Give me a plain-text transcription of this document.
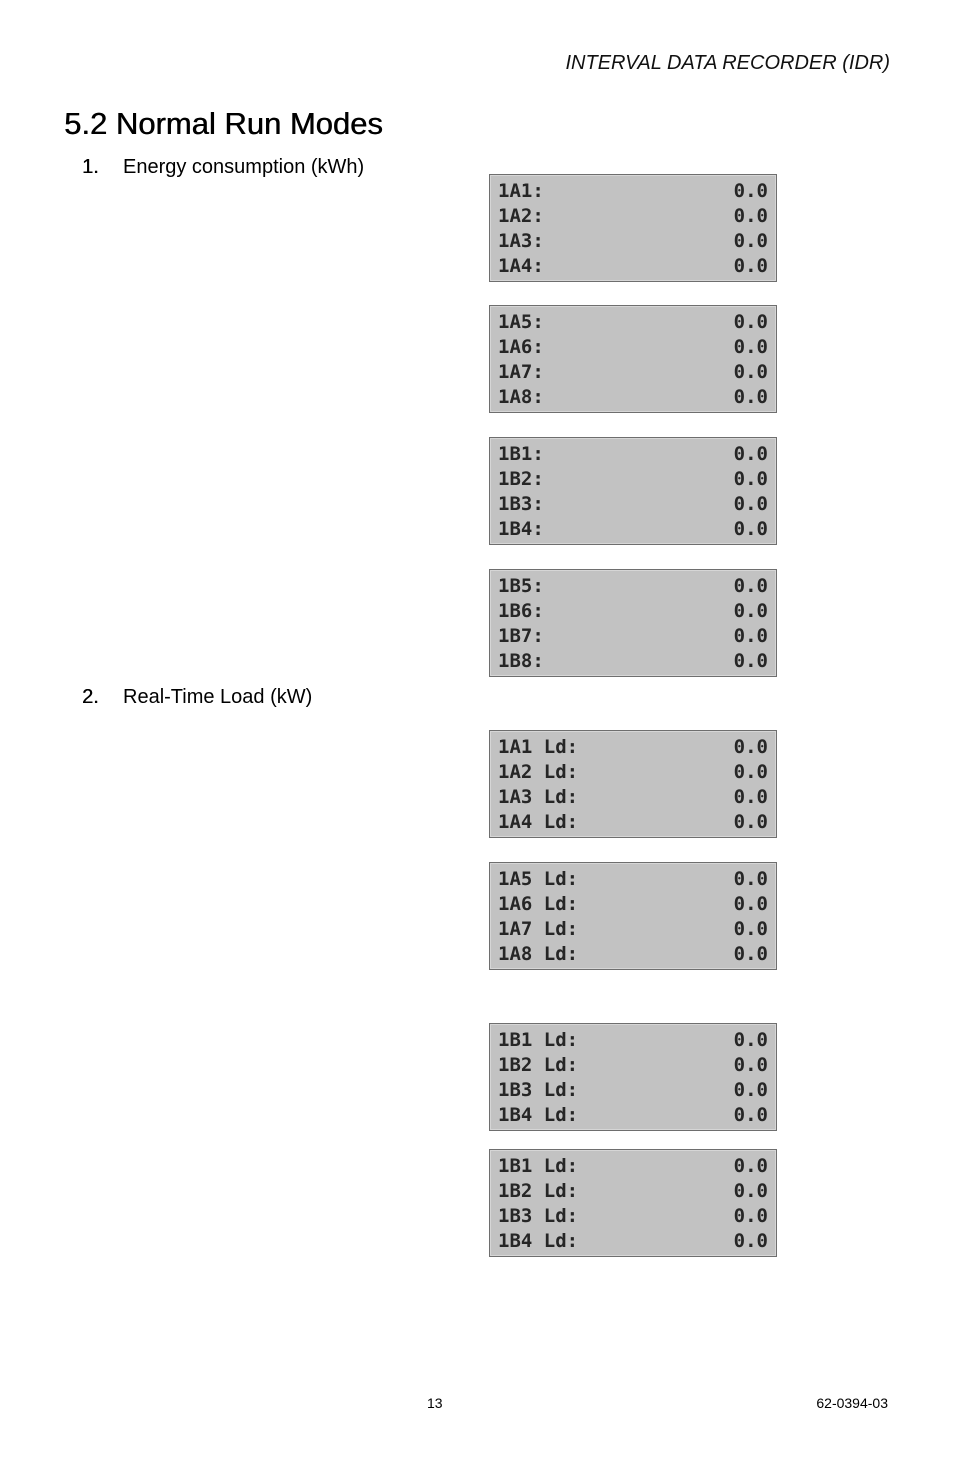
INTERVAL DATA RECORDER (IDR)
5.2 Normal Run Modes
1. Energy consumption (kWh)
2. Real-Time Load (kW)
1A1:	0.0
1A2:	0.0
1A3:	0.0
1A4:	0.0
1A5:	0.0
1A6:	0.0
1A7:	0.0
1A8:	0.0
1B1:	0.0
1B2:	0.0
1B3:	0.0
1B4:	0.0
1B5:	0.0
1B6:	0.0
1B7:	0.0
1B8:	0.0
1A1 Ld:	0.0
1A2 Ld:	0.0
1A3 Ld:	0.0
1A4 Ld:	0.0
1A5 Ld:	0.0
1A6 Ld:	0.0
1A7 Ld:	0.0
1A8 Ld:	0.0
1B1 Ld:	0.0
1B2 Ld:	0.0
1B3 Ld:	0.0
1B4 Ld:	0.0
1B1 Ld:	0.0
1B2 Ld:	0.0
1B3 Ld:	0.0
1B4 Ld:	0.0
13	62-0394-03
